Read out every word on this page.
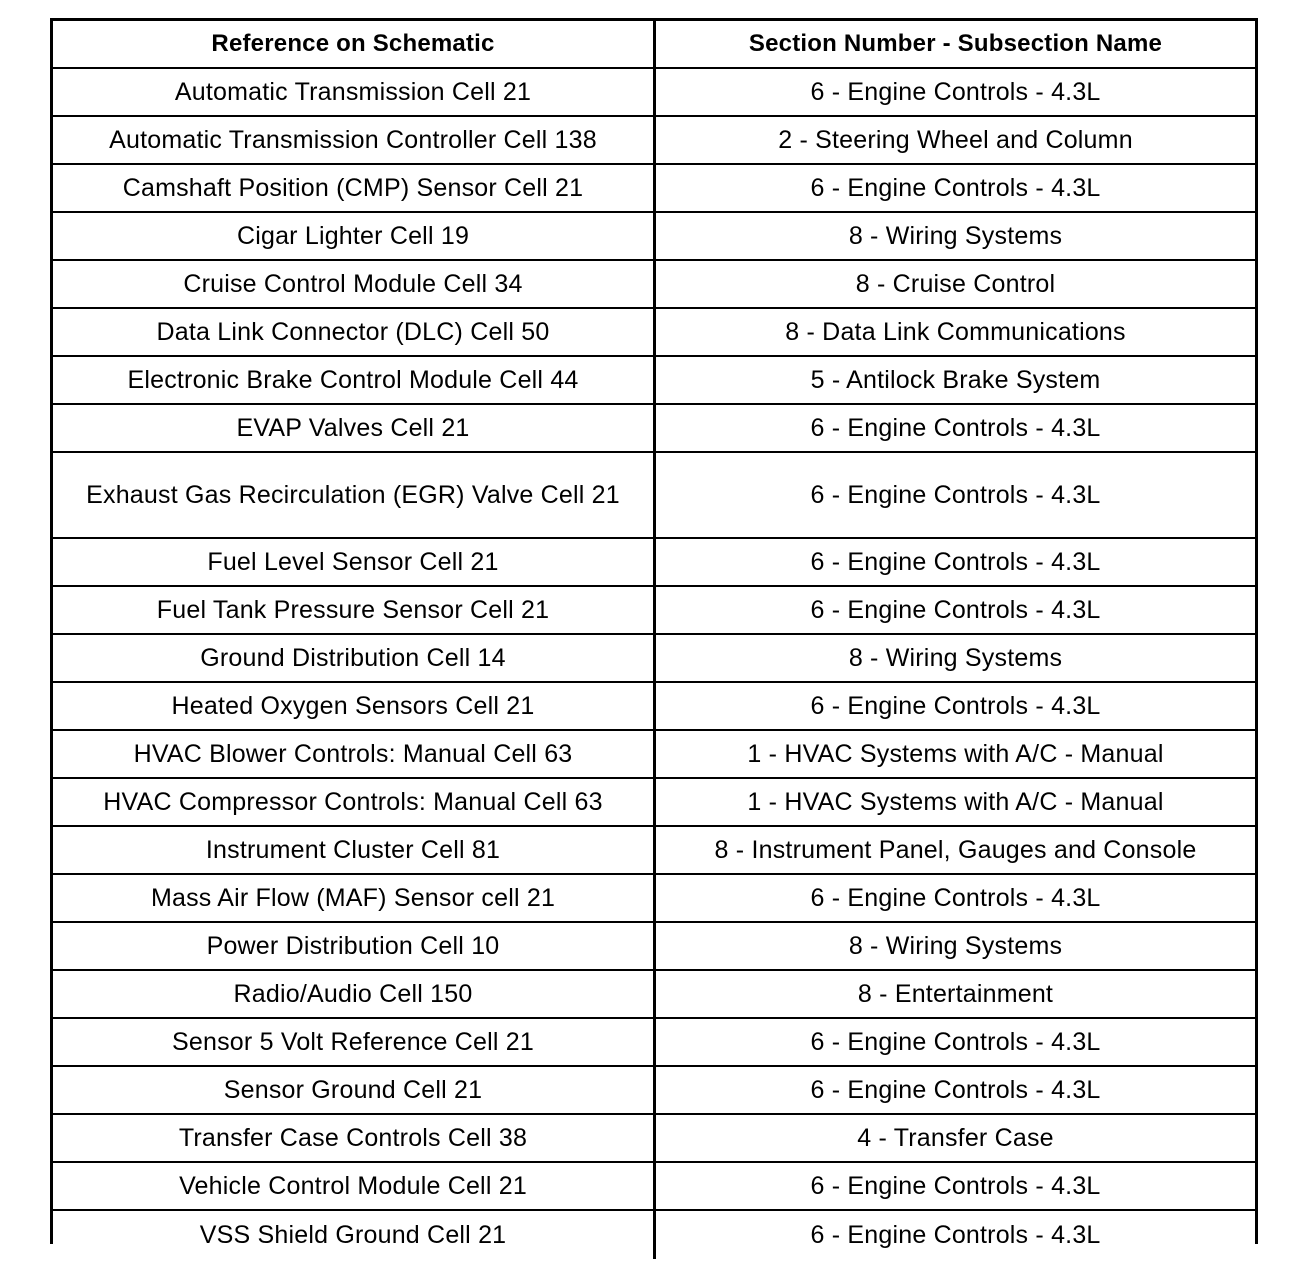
Reference on Schematic	Section Number - Subsection Name
Automatic Transmission Cell 21	6 - Engine Controls - 4.3L
Automatic Transmission Controller Cell 138	2 - Steering Wheel and Column
Camshaft Position (CMP) Sensor Cell 21	6 - Engine Controls - 4.3L
Cigar Lighter Cell 19	8 - Wiring Systems
Cruise Control Module Cell 34	8 - Cruise Control
Data Link Connector (DLC) Cell 50	8 - Data Link Communications
Electronic Brake Control Module Cell 44	5 - Antilock Brake System
EVAP Valves Cell 21	6 - Engine Controls - 4.3L
Exhaust Gas Recirculation (EGR) Valve Cell 21	6 - Engine Controls - 4.3L
Fuel Level Sensor Cell 21	6 - Engine Controls - 4.3L
Fuel Tank Pressure Sensor Cell 21	6 - Engine Controls - 4.3L
Ground Distribution Cell 14	8 - Wiring Systems
Heated Oxygen Sensors Cell 21	6 - Engine Controls - 4.3L
HVAC Blower Controls: Manual Cell 63	1 - HVAC Systems with A/C - Manual
HVAC Compressor Controls: Manual Cell 63	1 - HVAC Systems with A/C - Manual
Instrument Cluster Cell 81	8 - Instrument Panel, Gauges and Console
Mass Air Flow (MAF) Sensor cell 21	6 - Engine Controls - 4.3L
Power Distribution Cell 10	8 - Wiring Systems
Radio/Audio Cell 150	8 - Entertainment
Sensor 5 Volt Reference Cell 21	6 - Engine Controls - 4.3L
Sensor Ground Cell 21	6 - Engine Controls - 4.3L
Transfer Case Controls Cell 38	4 - Transfer Case
Vehicle Control Module Cell 21	6 - Engine Controls - 4.3L
VSS Shield Ground Cell 21	6 - Engine Controls - 4.3L
